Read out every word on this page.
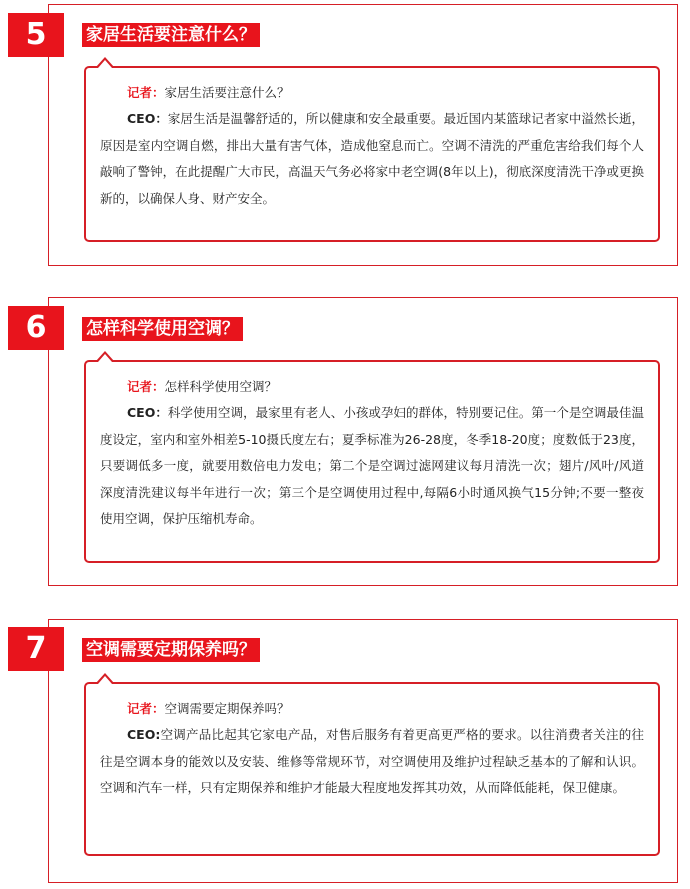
5	家居生活要注意什么？

记者：家居生活要注意什么？

CEO：家居生活是温馨舒适的，所以健康和安全最重要。最近国内某篮球记者家中溢然长逝，原因是室内空调自燃，排出大量有害气体，造成他窒息而亡。空调不清洗的严重危害给我们每个人敲响了警钟，在此提醒广大市民，高温天气务必将家中老空调(8年以上)，彻底深度清洗干净或更换新的，以确保人身、财产安全。

6	怎样科学使用空调？

记者：怎样科学使用空调？

CEO：科学使用空调，最家里有老人、小孩或孕妇的群体，特别要记住。第一个是空调最佳温度设定，室内和室外相差5-10摄氏度左右；夏季标准为26-28度，冬季18-20度；度数低于23度，只要调低多一度，就要用数倍电力发电；第二个是空调过滤网建议每月清洗一次；翅片/风叶/风道深度清洗建议每半年进行一次；第三个是空调使用过程中,每隔6小时通风换气15分钟;不要一整夜使用空调，保护压缩机寿命。

7	空调需要定期保养吗？

记者：空调需要定期保养吗？

CEO:空调产品比起其它家电产品，对售后服务有着更高更严格的要求。以往消费者关注的往往是空调本身的能效以及安装、维修等常规环节，对空调使用及维护过程缺乏基本的了解和认识。空调和汽车一样，只有定期保养和维护才能最大程度地发挥其功效，从而降低能耗，保卫健康。
